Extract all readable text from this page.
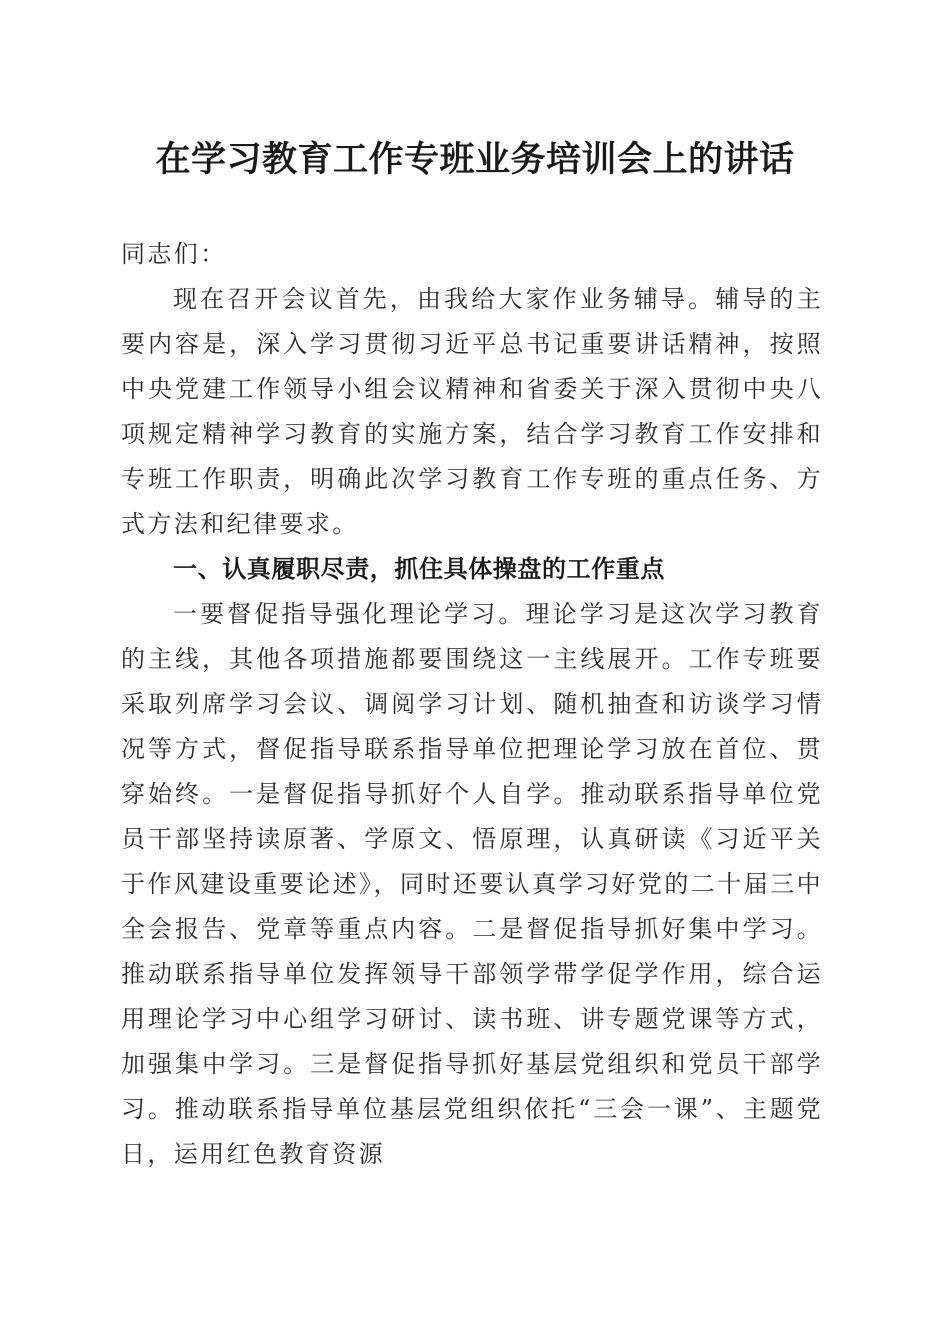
在学习教育工作专班业务培训会上的讲话

同志们：

现在召开会议首先，由我给大家作业务辅导。辅导的主要内容是，深入学习贯彻习近平总书记重要讲话精神，按照中央党建工作领导小组会议精神和省委关于深入贯彻中央八项规定精神学习教育的实施方案，结合学习教育工作安排和专班工作职责，明确此次学习教育工作专班的重点任务、方式方法和纪律要求。

一、认真履职尽责，抓住具体操盘的工作重点

一要督促指导强化理论学习。理论学习是这次学习教育的主线，其他各项措施都要围绕这一主线展开。工作专班要采取列席学习会议、调阅学习计划、随机抽查和访谈学习情况等方式，督促指导联系指导单位把理论学习放在首位、贯穿始终。一是督促指导抓好个人自学。推动联系指导单位党员干部坚持读原著、学原文、悟原理，认真研读《习近平关于作风建设重要论述》，同时还要认真学习好党的二十届三中全会报告、党章等重点内容。二是督促指导抓好集中学习。推动联系指导单位发挥领导干部领学带学促学作用，综合运用理论学习中心组学习研讨、读书班、讲专题党课等方式，加强集中学习。三是督促指导抓好基层党组织和党员干部学习。推动联系指导单位基层党组织依托“三会一课”、主题党日，运用红色教育资源
